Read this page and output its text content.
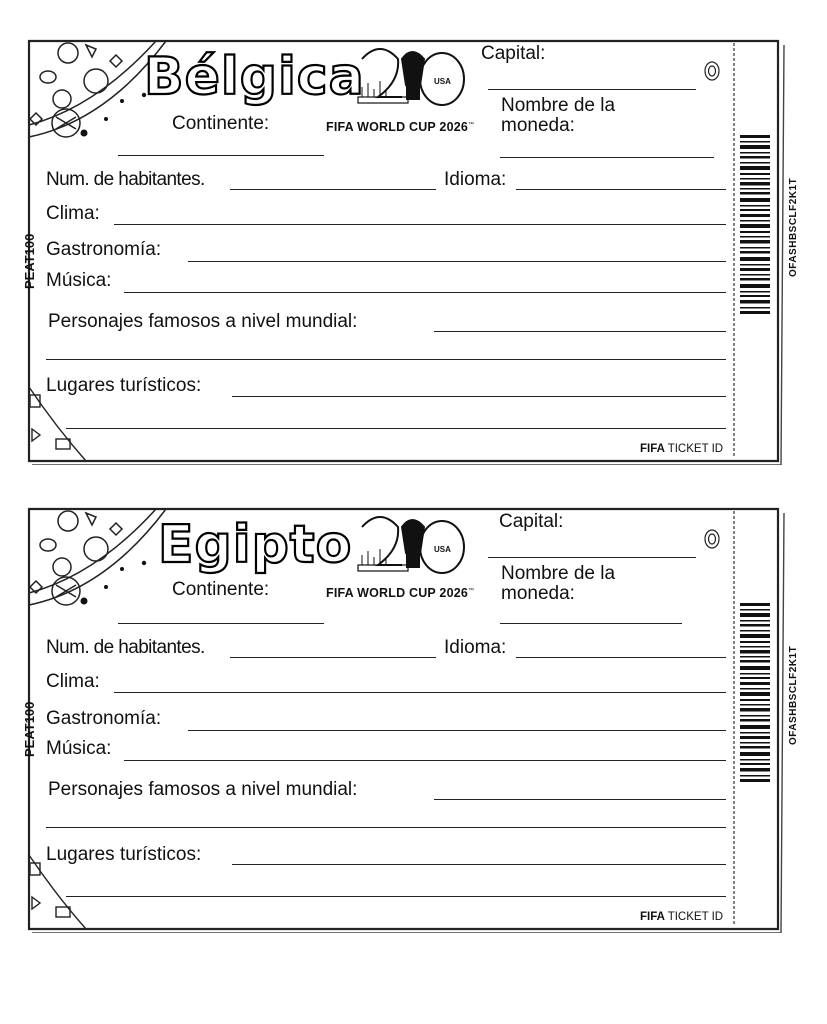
Bélgica	USA
Capital:
Nombre de la
moneda:
Continente:	FIFA WORLD CUP 2026™
Num. de habitantes.	Idioma:
Clima:
Gastronomía:
Música:
Personajes famosos a nivel mundial:
Lugares turísticos:
FIFA TICKET ID
PEAT100	OFASHBSCLF2K1T
Egipto	USA
Capital:
Nombre de la
moneda:
Continente:	FIFA WORLD CUP 2026™
Num. de habitantes.	Idioma:
Clima:
Gastronomía:
Música:
Personajes famosos a nivel mundial:
Lugares turísticos:
FIFA TICKET ID
PEAT100	OFASHBSCLF2K1T
